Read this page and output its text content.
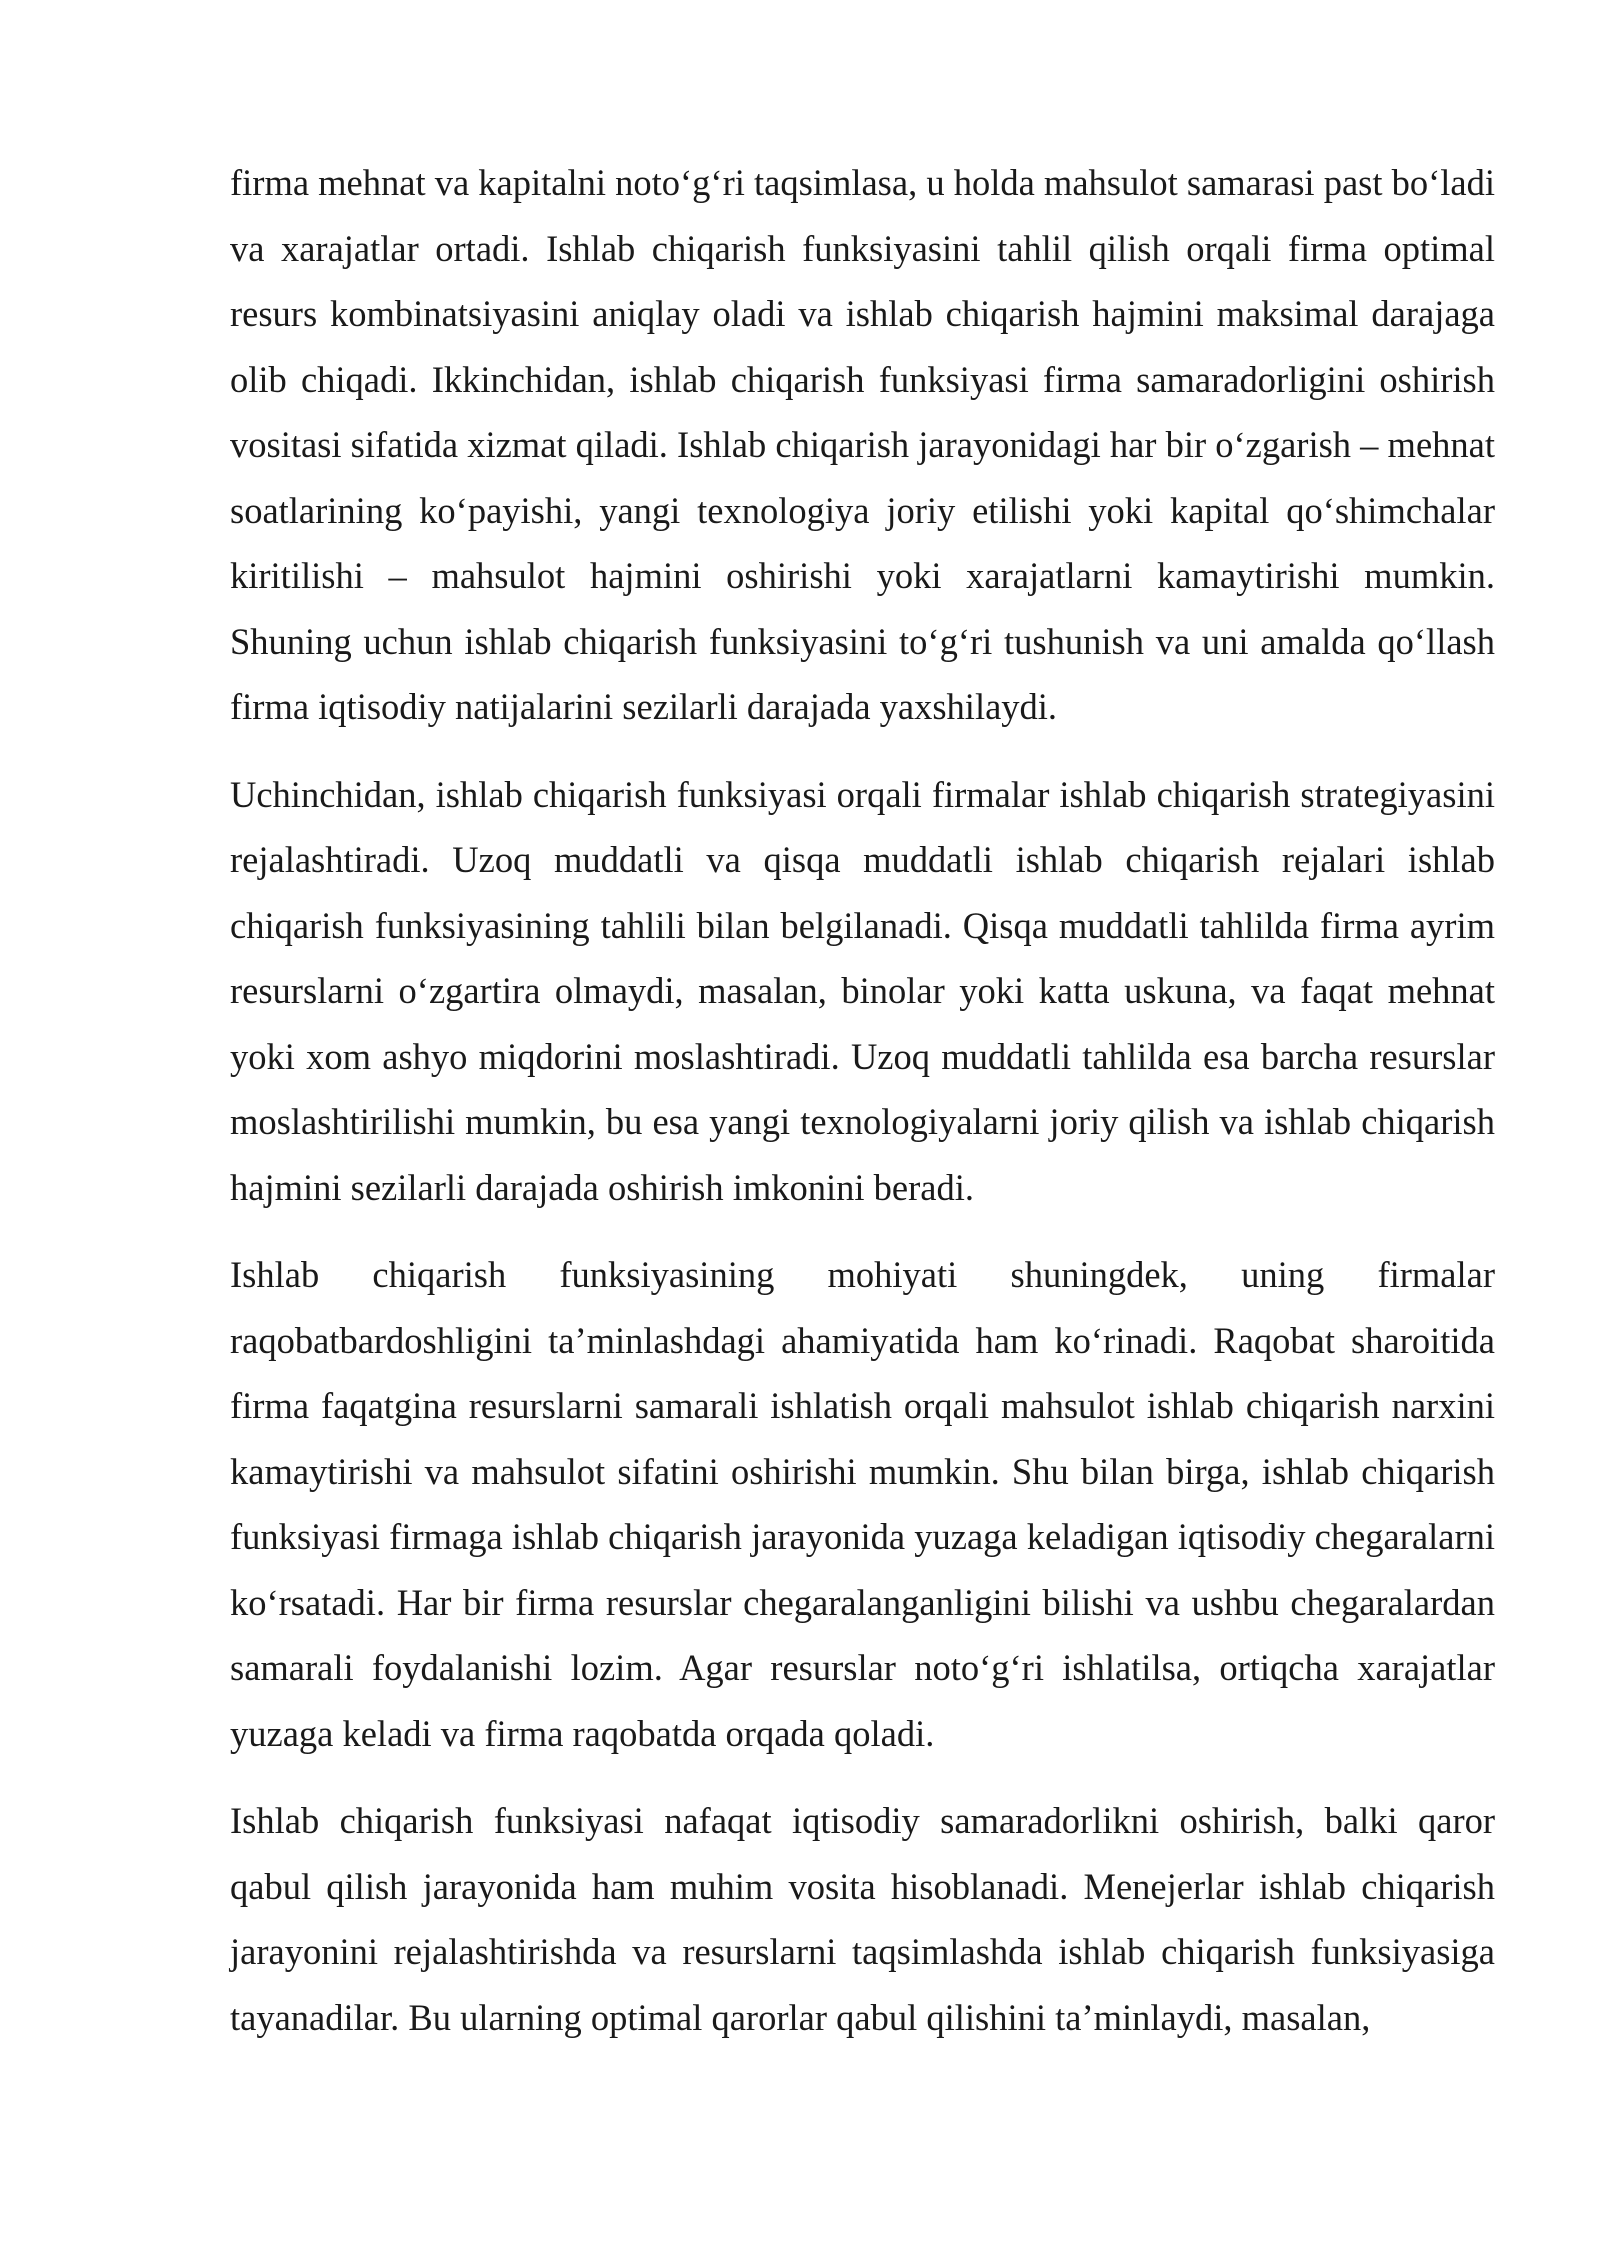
firma mehnat va kapitalni noto‘g‘ri taqsimlasa, u holda mahsulot samarasi past bo‘ladi va xarajatlar ortadi. Ishlab chiqarish funksiyasini tahlil qilish orqali firma optimal resurs kombinatsiyasini aniqlay oladi va ishlab chiqarish hajmini maksimal darajaga olib chiqadi. Ikkinchidan, ishlab chiqarish funksiyasi firma samaradorligini oshirish vositasi sifatida xizmat qiladi. Ishlab chiqarish jarayonidagi har bir o‘zgarish – mehnat soatlarining ko‘payishi, yangi texnologiya joriy etilishi yoki kapital qo‘shimchalar kiritilishi – mahsulot hajmini oshirishi yoki xarajatlarni kamaytirishi mumkin. Shuning uchun ishlab chiqarish funksiyasini to‘g‘ri tushunish va uni amalda qo‘llash firma iqtisodiy natijalarini sezilarli darajada yaxshilaydi.

Uchinchidan, ishlab chiqarish funksiyasi orqali firmalar ishlab chiqarish strategiyasini rejalashtiradi. Uzoq muddatli va qisqa muddatli ishlab chiqarish rejalari ishlab chiqarish funksiyasining tahlili bilan belgilanadi. Qisqa muddatli tahlilda firma ayrim resurslarni o‘zgartira olmaydi, masalan, binolar yoki katta uskuna, va faqat mehnat yoki xom ashyo miqdorini moslashtiradi. Uzoq muddatli tahlilda esa barcha resurslar moslashtirilishi mumkin, bu esa yangi texnologiyalarni joriy qilish va ishlab chiqarish hajmini sezilarli darajada oshirish imkonini beradi.

Ishlab chiqarish funksiyasining mohiyati shuningdek, uning firmalar raqobatbardoshligini ta’minlashdagi ahamiyatida ham ko‘rinadi. Raqobat sharoitida firma faqatgina resurslarni samarali ishlatish orqali mahsulot ishlab chiqarish narxini kamaytirishi va mahsulot sifatini oshirishi mumkin. Shu bilan birga, ishlab chiqarish funksiyasi firmaga ishlab chiqarish jarayonida yuzaga keladigan iqtisodiy chegaralarni ko‘rsatadi. Har bir firma resurslar chegaralanganligini bilishi va ushbu chegaralardan samarali foydalanishi lozim. Agar resurslar noto‘g‘ri ishlatilsa, ortiqcha xarajatlar yuzaga keladi va firma raqobatda orqada qoladi.

Ishlab chiqarish funksiyasi nafaqat iqtisodiy samaradorlikni oshirish, balki qaror qabul qilish jarayonida ham muhim vosita hisoblanadi. Menejerlar ishlab chiqarish jarayonini rejalashtirishda va resurslarni taqsimlashda ishlab chiqarish funksiyasiga tayanadilar. Bu ularning optimal qarorlar qabul qilishini ta’minlaydi, masalan,
